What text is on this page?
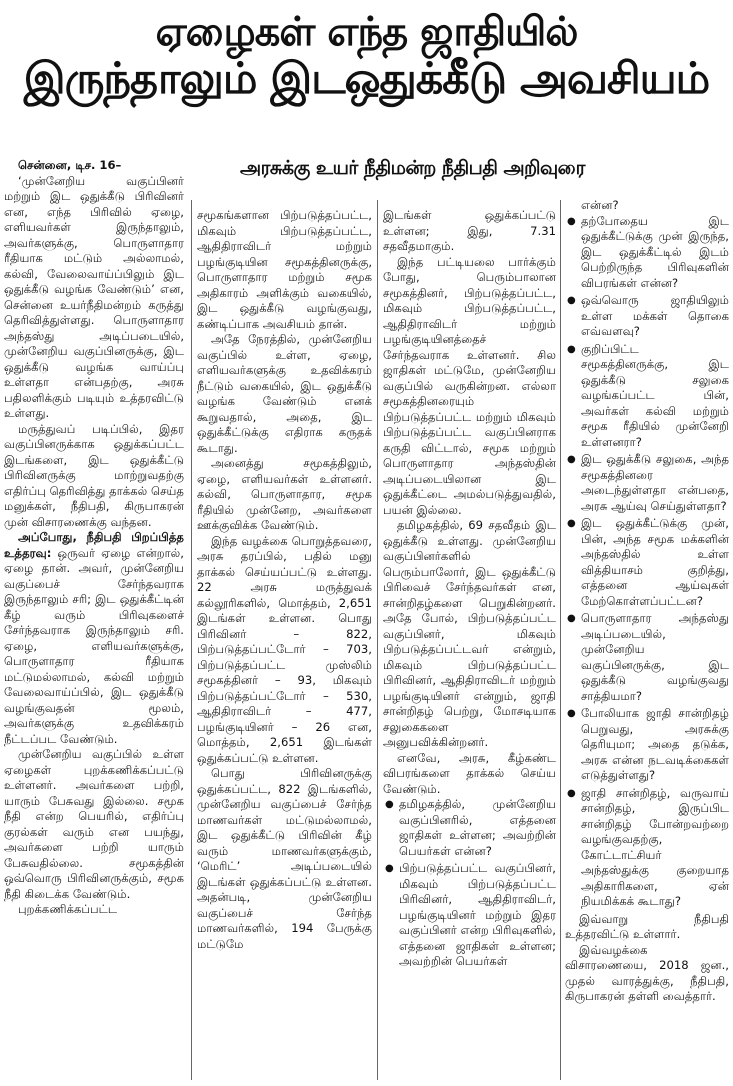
ஏழைகள் எந்த ஜாதியில்
இருந்தாலும் இடஒதுக்கீடு அவசியம்
அரசுக்கு உயர் நீதிமன்ற நீதிபதி அறிவுரை

சென்னை, டிச. 16–

‘முன்னேறிய வகுப்பினர் மற்றும் இட ஒதுக்கீடு பிரிவினர் என, எந்த பிரிவில் ஏழை, எளியவர்கள் இருந்தாலும், அவர்களுக்கு, பொருளாதார ரீதியாக மட்டும் அல்லாமல், கல்வி, வேலைவாய்ப்பிலும் இட ஒதுக்கீடு வழங்க வேண்டும்’ என, சென்னை உயர்நீதிமன்றம் கருத்து தெரிவித்துள்ளது. பொருளாதார அந்தஸ்து அடிப்படையில், முன்னேறிய வகுப்பினருக்கு, இட ஒதுக்கீடு வழங்க வாய்ப்பு உள்ளதா என்பதற்கு, அரசு பதிலளிக்கும் படியும் உத்தரவிட்டு உள்ளது.

மருத்துவப் படிப்பில், இதர வகுப்பினருக்காக ஒதுக்கப்பட்ட இடங்களை, இட ஒதுக்கீட்டு பிரிவினருக்கு மாற்றுவதற்கு எதிர்ப்பு தெரிவித்து தாக்கல் செய்த மனுக்கள், நீதிபதி, கிருபாகரன் முன் விசாரணைக்கு வந்தன.

அப்போது, நீதிபதி பிறப்பித்த உத்தரவு: ஒருவர் ஏழை என்றால், ஏழை தான். அவர், முன்னேறிய வகுப்பைச் சேர்ந்தவராக இருந்தாலும் சரி; இட ஒதுக்கீட்டின் கீழ் வரும் பிரிவுகளைச் சேர்ந்தவராக இருந்தாலும் சரி. ஏழை, எளியவர்களுக்கு, பொருளாதார ரீதியாக மட்டுமல்லாமல், கல்வி மற்றும் வேலைவாய்ப்பில், இட ஒதுக்கீடு வழங்குவதன் மூலம், அவர்களுக்கு உதவிக்கரம் நீட்டப்பட வேண்டும்.

முன்னேறிய வகுப்பில் உள்ள ஏழைகள் புறக்கணிக்கப்பட்டு உள்ளனர். அவர்களை பற்றி, யாரும் பேசுவது இல்லை. சமூக நீதி என்ற பெயரில், எதிர்ப்பு குரல்கள் வரும் என பயந்து, அவர்களை பற்றி யாரும் பேசுவதில்லை. சமூகத்தின் ஒவ்வொரு பிரிவினருக்கும், சமூக நீதி கிடைக்க வேண்டும்.

புறக்கணிக்கப்பட்ட

சமூகங்களான பிற்படுத்தப்பட்ட, மிகவும் பிற்படுத்தப்பட்ட, ஆதிதிராவிடர் மற்றும் பழங்குடியின சமூகத்தினருக்கு, பொருளாதார மற்றும் சமூக அதிகாரம் அளிக்கும் வகையில், இட ஒதுக்கீடு வழங்குவது, கண்டிப்பாக அவசியம் தான்.

அதே நேரத்தில், முன்னேறிய வகுப்பில் உள்ள, ஏழை, எளியவர்களுக்கு உதவிக்கரம் நீட்டும் வகையில், இட ஒதுக்கீடு வழங்க வேண்டும் எனக் கூறுவதால், அதை, இட ஒதுக்கீட்டுக்கு எதிராக கருதக் கூடாது.

அனைத்து சமூகத்திலும், ஏழை, எளியவர்கள் உள்ளனர். கல்வி, பொருளாதார, சமூக ரீதியில் முன்னேற, அவர்களை ஊக்குவிக்க வேண்டும்.

இந்த வழக்கை பொறுத்தவரை, அரசு தரப்பில், பதில் மனு தாக்கல் செய்யப்பட்டு உள்ளது. 22 அரசு மருத்துவக் கல்லூரிகளில், மொத்தம், 2,651 இடங்கள் உள்ளன. பொது பிரிவினர் – 822, பிற்படுத்தப்பட்டோர் – 703, பிற்படுத்தப்பட்ட முஸ்லிம் சமூகத்தினர் – 93, மிகவும் பிற்படுத்தப்பட்டோர் – 530, ஆதிதிராவிடர் – 477, பழங்குடியினர் – 26 என, மொத்தம், 2,651 இடங்கள் ஒதுக்கப்பட்டு உள்ளன.

பொது பிரிவினருக்கு ஒதுக்கப்பட்ட, 822 இடங்களில், முன்னேறிய வகுப்பைச் சேர்ந்த மாணவர்கள் மட்டுமல்லாமல், இட ஒதுக்கீட்டு பிரிவின் கீழ் வரும் மாணவர்களுக்கும், ‘மெரிட்’ அடிப்படையில் இடங்கள் ஒதுக்கப்பட்டு உள்ளன. அதன்படி, முன்னேறிய வகுப்பைச் சேர்ந்த மாணவர்களில், 194 பேருக்கு மட்டுமே

இடங்கள் ஒதுக்கப்பட்டு உள்ளன; இது, 7.31 சதவீதமாகும்.

இந்த பட்டியலை பார்க்கும் போது, பெரும்பாலான சமூகத்தினர், பிற்படுத்தப்பட்ட, மிகவும் பிற்படுத்தப்பட்ட, ஆதிதிராவிடர் மற்றும் பழங்குடியினத்தைச் சேர்ந்தவராக உள்ளனர். சில ஜாதிகள் மட்டுமே, முன்னேறிய வகுப்பில் வருகின்றன. எல்லா சமூகத்தினரையும் பிற்படுத்தப்பட்ட மற்றும் மிகவும் பிற்படுத்தப்பட்ட வகுப்பினராக கருதி விட்டால், சமூக மற்றும் பொருளாதார அந்தஸ்தின் அடிப்படையிலான இட ஒதுக்கீட்டை அமல்படுத்துவதில், பயன் இல்லை.

தமிழகத்தில், 69 சதவீதம் இட ஒதுக்கீடு உள்ளது. முன்னேறிய வகுப்பினர்களில் பெரும்பாலோர், இட ஒதுக்கீட்டு பிரிவைச் சேர்ந்தவர்கள் என, சான்றிதழ்களை பெறுகின்றனர். அதே போல், பிற்படுத்தப்பட்ட வகுப்பினர், மிகவும் பிற்படுத்தப்பட்டவர் என்றும், மிகவும் பிற்படுத்தப்பட்ட பிரிவினர், ஆதிதிராவிடர் மற்றும் பழங்குடியினர் என்றும், ஜாதி சான்றிதழ் பெற்று, மோசடியாக சலுகைகளை அனுபவிக்கின்றனர்.

எனவே, அரசு, கீழ்கண்ட விபரங்களை தாக்கல் செய்ய வேண்டும்.

● தமிழகத்தில், முன்னேறிய வகுப்பினரில், எத்தனை ஜாதிகள் உள்ளன; அவற்றின் பெயர்கள் என்ன?
● பிற்படுத்தப்பட்ட வகுப்பினர், மிகவும் பிற்படுத்தப்பட்ட பிரிவினர், ஆதிதிராவிடர், பழங்குடியினர் மற்றும் இதர வகுப்பினர் என்ற பிரிவுகளில், எத்தனை ஜாதிகள் உள்ளன; அவற்றின் பெயர்கள்

என்ன?

● தற்போதைய இட ஒதுக்கீட்டுக்கு முன் இருந்த, இட ஒதுக்கீட்டில் இடம் பெற்றிருந்த பிரிவுகளின் விபரங்கள் என்ன?
● ஒவ்வொரு ஜாதியிலும் உள்ள மக்கள் தொகை எவ்வளவு?
● குறிப்பிட்ட சமூகத்தினருக்கு, இட ஒதுக்கீடு சலுகை வழங்கப்பட்ட பின், அவர்கள் கல்வி மற்றும் சமூக ரீதியில் முன்னேறி உள்ளனரா?
● இட ஒதுக்கீடு சலுகை, அந்த சமூகத்தினரை அடைந்துள்ளதா என்பதை, அரசு ஆய்வு செய்துள்ளதா?
● இட ஒதுக்கீட்டுக்கு முன், பின், அந்த சமூக மக்களின் அந்தஸ்தில் உள்ள வித்தியாசம் குறித்து, எத்தனை ஆய்வுகள் மேற்கொள்ளப்பட்டன?
● பொருளாதார அந்தஸ்து அடிப்படையில், முன்னேறிய வகுப்பினருக்கு, இட ஒதுக்கீடு வழங்குவது சாத்தியமா?
● போலியாக ஜாதி சான்றிதழ் பெறுவது, அரசுக்கு தெரியுமா; அதை தடுக்க, அரசு என்ன நடவடிக்கைகள் எடுத்துள்ளது?
● ஜாதி சான்றிதழ், வருவாய் சான்றிதழ், இருப்பிட சான்றிதழ் போன்றவற்றை வழங்குவதற்கு, கோட்டாட்சியர் அந்தஸ்துக்கு குறையாத அதிகாரிகளை, ஏன் நியமிக்கக் கூடாது?

இவ்வாறு நீதிபதி உத்தரவிட்டு உள்ளார்.

இவ்வழக்கை விசாரணையை, 2018 ஜன., முதல் வாரத்துக்கு, நீதிபதி, கிருபாகரன் தள்ளி வைத்தார்.
